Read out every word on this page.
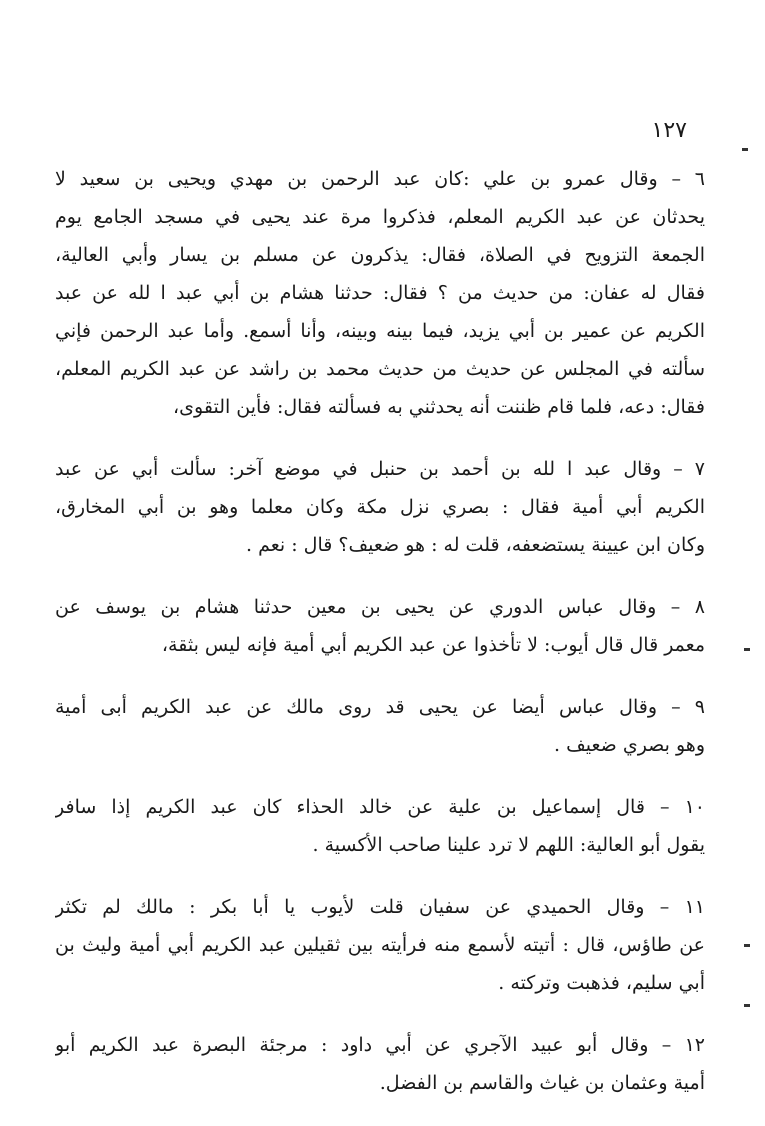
١٢٧
٦ – وقال عمرو بن علي :كان عبد الرحمن بن مهدي ويحيى بن سعيد لا
يحدثان عن عبد الكريم المعلم، فذكروا مرة عند يحيى في مسجد الجامع يوم
الجمعة التزويح في الصلاة، فقال: يذكرون عن مسلم بن يسار وأبي العالية،
فقال له عفان: من حديث من ؟ فقال: حدثنا هشام بن أبي عبد ا لله عن عبد
الكريم عن عمير بن أبي يزيد، فيما بينه وبينه، وأنا أسمع. وأما عبد الرحمن فإني
سألته في المجلس عن حديث من حديث محمد بن راشد عن عبد الكريم المعلم،
فقال: دعه، فلما قام ظننت أنه يحدثني به فسألته فقال: فأين التقوى،
٧ – وقال عبد ا لله بن أحمد بن حنبل في موضع آخر: سألت أبي عن عبد
الكريم أبي أمية فقال : بصري نزل مكة وكان معلما وهو بن أبي المخارق،
وكان ابن عيينة يستضعفه، قلت له : هو ضعيف؟ قال : نعم .
٨ – وقال عباس الدوري عن يحيى بن معين حدثنا هشام بن يوسف عن
معمر قال قال أيوب: لا تأخذوا عن عبد الكريم أبي أمية فإنه ليس بثقة،
٩ – وقال عباس أيضا عن يحيى قد روى مالك عن عبد الكريم أبى أمية
وهو بصري ضعيف .
١٠ – قال إسماعيل بن علية عن خالد الحذاء كان عبد الكريم إذا سافر
يقول أبو العالية: اللهم لا ترد علينا صاحب الأكسية .
١١ – وقال الحميدي عن سفيان قلت لأيوب يا أبا بكر : مالك لم تكثر
عن طاؤس، قال : أتيته لأسمع منه فرأيته بين ثقيلين عبد الكريم أبي أمية وليث بن
أبي سليم، فذهبت وتركته .
١٢ – وقال أبو عبيد الآجري عن أبي داود : مرجئة البصرة عبد الكريم أبو
أمية وعثمان بن غياث والقاسم بن الفضل.
